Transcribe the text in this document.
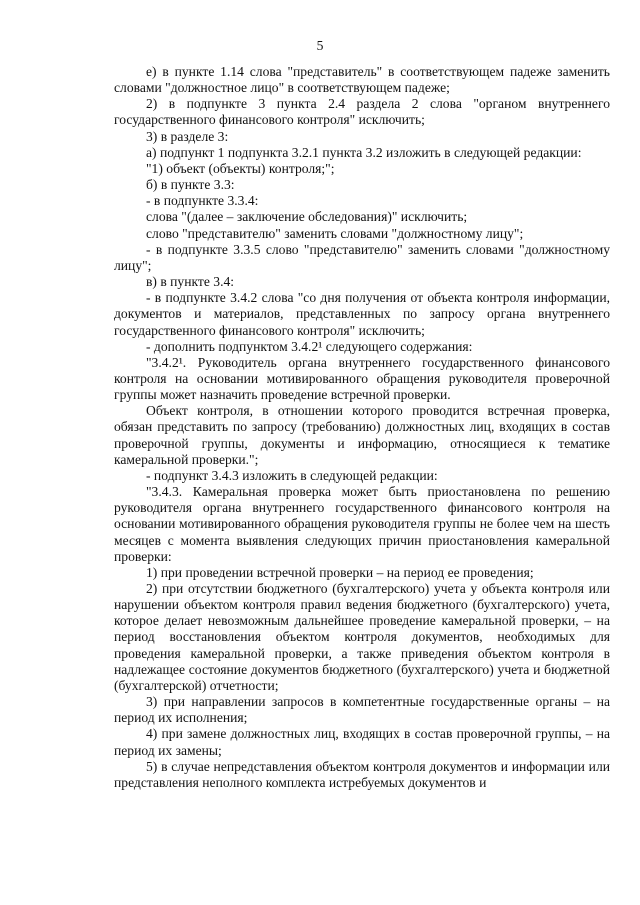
5

е) в пункте 1.14 слова "представитель" в соответствующем падеже заменить словами "должностное лицо" в соответствующем падеже;

2) в подпункте 3 пункта 2.4 раздела 2 слова "органом внутреннего государственного финансового контроля" исключить;

3) в разделе 3:

а) подпункт 1 подпункта 3.2.1 пункта 3.2 изложить в следующей редакции:

"1) объект (объекты) контроля;";

б) в пункте 3.3:

- в подпункте 3.3.4:

слова "(далее – заключение обследования)" исключить;

слово "представителю" заменить словами "должностному лицу";

- в подпункте 3.3.5 слово "представителю" заменить словами "должностному лицу";

в) в пункте 3.4:

- в подпункте 3.4.2 слова "со дня получения от объекта контроля информации, документов и материалов, представленных по запросу органа внутреннего государственного финансового контроля" исключить;

- дополнить подпунктом 3.4.2¹ следующего содержания:

"3.4.2¹. Руководитель органа внутреннего государственного финансового контроля на основании мотивированного обращения руководителя проверочной группы может назначить проведение встречной проверки.

Объект контроля, в отношении которого проводится встречная проверка, обязан представить по запросу (требованию) должностных лиц, входящих в состав проверочной группы, документы и информацию, относящиеся к тематике камеральной проверки.";

- подпункт 3.4.3 изложить в следующей редакции:

"3.4.3. Камеральная проверка может быть приостановлена по решению руководителя органа внутреннего государственного финансового контроля на основании мотивированного обращения руководителя группы не более чем на шесть месяцев с момента выявления следующих причин приостановления камеральной проверки:

1) при проведении встречной проверки – на период ее проведения;

2) при отсутствии бюджетного (бухгалтерского) учета у объекта контроля или нарушении объектом контроля правил ведения бюджетного (бухгалтерского) учета, которое делает невозможным дальнейшее проведение камеральной проверки, – на период восстановления объектом контроля документов, необходимых для проведения камеральной проверки, а также приведения объектом контроля в надлежащее состояние документов бюджетного (бухгалтерского) учета и бюджетной (бухгалтерской) отчетности;

3) при направлении запросов в компетентные государственные органы – на период их исполнения;

4) при замене должностных лиц, входящих в состав проверочной группы, – на период их замены;

5) в случае непредставления объектом контроля документов и информации или представления неполного комплекта истребуемых документов и
